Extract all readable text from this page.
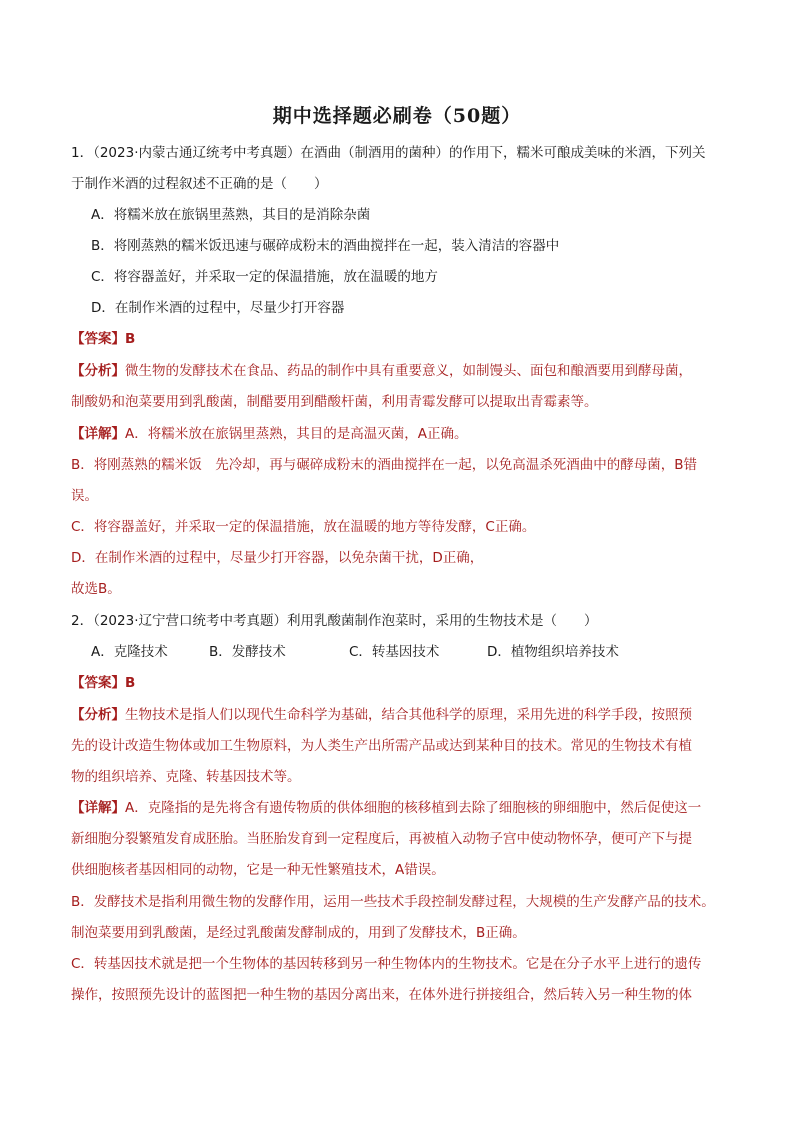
期中选择题必刷卷（50题）
1．（2023·内蒙古通辽统考中考真题）在酒曲（制酒用的菌种）的作用下，糯米可酿成美味的米酒，下列关
于制作米酒的过程叙述不正确的是（　　）
A．将糯米放在旅锅里蒸熟，其目的是消除杂菌
B．将刚蒸熟的糯米饭迅速与碾碎成粉末的酒曲搅拌在一起，装入清洁的容器中
C．将容器盖好，并采取一定的保温措施，放在温暖的地方
D．在制作米酒的过程中，尽量少打开容器
【答案】B
【分析】微生物的发酵技术在食品、药品的制作中具有重要意义，如制馒头、面包和酿酒要用到酵母菌，
制酸奶和泡菜要用到乳酸菌，制醋要用到醋酸杆菌，利用青霉发酵可以提取出青霉素等。
【详解】A．将糯米放在旅锅里蒸熟，其目的是高温灭菌，A正确。
B．将刚蒸熟的糯米饭　先冷却，再与碾碎成粉末的酒曲搅拌在一起，以免高温杀死酒曲中的酵母菌，B错
误。
C．将容器盖好，并采取一定的保温措施，放在温暖的地方等待发酵，C正确。
D．在制作米酒的过程中，尽量少打开容器，以免杂菌干扰，D正确，
故选B。
2．（2023·辽宁营口统考中考真题）利用乳酸菌制作泡菜时，采用的生物技术是（　　）
A．克隆技术	B．发酵技术	C．转基因技术	D．植物组织培养技术
【答案】B
【分析】生物技术是指人们以现代生命科学为基础，结合其他科学的原理，采用先进的科学手段，按照预
先的设计改造生物体或加工生物原料，为人类生产出所需产品或达到某种目的技术。常见的生物技术有植
物的组织培养、克隆、转基因技术等。
【详解】A．克隆指的是先将含有遗传物质的供体细胞的核移植到去除了细胞核的卵细胞中，然后促使这一
新细胞分裂繁殖发育成胚胎。当胚胎发育到一定程度后，再被植入动物子宫中使动物怀孕，便可产下与提
供细胞核者基因相同的动物，它是一种无性繁殖技术，A错误。
B．发酵技术是指利用微生物的发酵作用，运用一些技术手段控制发酵过程，大规模的生产发酵产品的技术。
制泡菜要用到乳酸菌，是经过乳酸菌发酵制成的，用到了发酵技术，B正确。
C．转基因技术就是把一个生物体的基因转移到另一种生物体内的生物技术。它是在分子水平上进行的遗传
操作，按照预先设计的蓝图把一种生物的基因分离出来，在体外进行拼接组合，然后转入另一种生物的体
